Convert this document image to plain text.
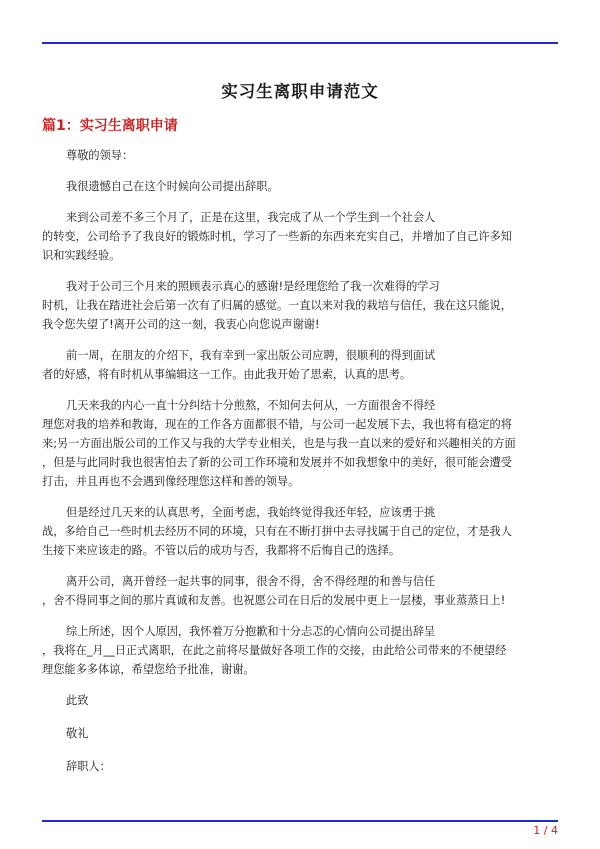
实习生离职申请范文
篇1：实习生离职申请

尊敬的领导：

我很遗憾自己在这个时候向公司提出辞职。

来到公司差不多三个月了，正是在这里，我完成了从一个学生到一个社会人
的转变，公司给予了我良好的锻炼时机，学习了一些新的东西来充实自己，并增加了自己许多知
识和实践经验。

我对于公司三个月来的照顾表示真心的感谢!是经理您给了我一次难得的学习
时机，让我在踏进社会后第一次有了归属的感觉。一直以来对我的栽培与信任，我在这只能说，
我令您失望了!离开公司的这一刻，我衷心向您说声谢谢!

前一周，在朋友的介绍下，我有幸到一家出版公司应聘，很顺利的得到面试
者的好感，将有时机从事编辑这一工作。由此我开始了思索，认真的思考。

几天来我的内心一直十分纠结十分煎熬，不知何去何从，一方面很舍不得经
理您对我的培养和教诲，现在的工作各方面都很不错，与公司一起发展下去，我也将有稳定的将
来;另一方面出版公司的工作又与我的大学专业相关，也是与我一直以来的爱好和兴趣相关的方面
，但是与此同时我也很害怕去了新的公司工作环境和发展并不如我想象中的美好，很可能会遭受
打击，并且再也不会遇到像经理您这样和善的领导。

但是经过几天来的认真思考，全面考虑，我始终觉得我还年轻，应该勇于挑
战，多给自己一些时机去经历不同的环境，只有在不断打拼中去寻找属于自己的定位，才是我人
生接下来应该走的路。不管以后的成功与否，我都将不后悔自己的选择。

离开公司，离开曾经一起共事的同事，很舍不得，舍不得经理的和善与信任
，舍不得同事之间的那片真诚和友善。也祝愿公司在日后的发展中更上一层楼，事业蒸蒸日上!

综上所述，因个人原因，我怀着万分抱歉和十分忐忑的心情向公司提出辞呈
，我将在_月__日正式离职，在此之前将尽量做好各项工作的交接，由此给公司带来的不便望经
理您能多多体谅，希望您给予批准，谢谢。

此致

敬礼

辞职人：

1 / 4
